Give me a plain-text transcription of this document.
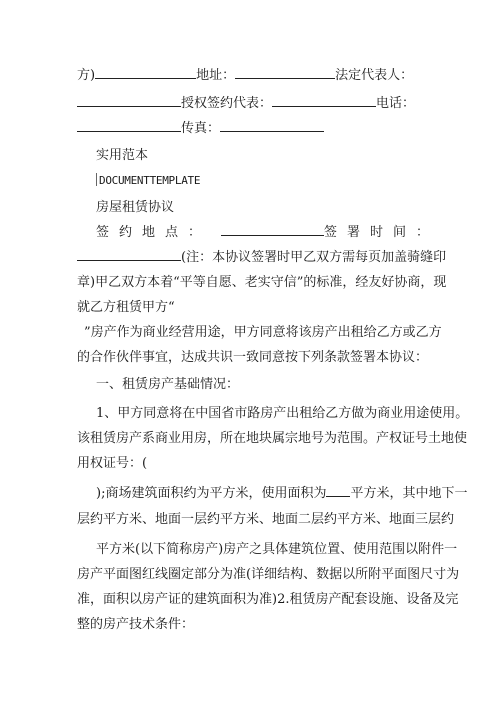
方)	地址：	法定代表人：
授权签约代表：	电话：
传真：
实用范本
DOCUMENTTEMPLATE
房屋租赁协议
签约地点：	签署时间：
(注：本协议签署时甲乙双方需每页加盖骑缝印
章)甲乙双方本着“平等自愿、老实守信”的标准，经友好协商，现
就乙方租赁甲方“
”房产作为商业经营用途，甲方同意将该房产出租给乙方或乙方
的合作伙伴事宜，达成共识一致同意按下列条款签署本协议：
一、租赁房产基础情况：
1、甲方同意将在中国省市路房产出租给乙方做为商业用途使用。
该租赁房产系商业用房，所在地块属宗地号为范围。产权证号土地使
用权证号：(
);商场建筑面积约为平方米，使用面积为 平方米，其中地下一
层约平方米、地面一层约平方米、地面二层约平方米、地面三层约
平方米(以下简称房产)房产之具体建筑位置、使用范围以附件一
房产平面图红线圈定部分为准(详细结构、数据以所附平面图尺寸为
准，面积以房产证的建筑面积为准)2.租赁房产配套设施、设备及完
整的房产技术条件：
